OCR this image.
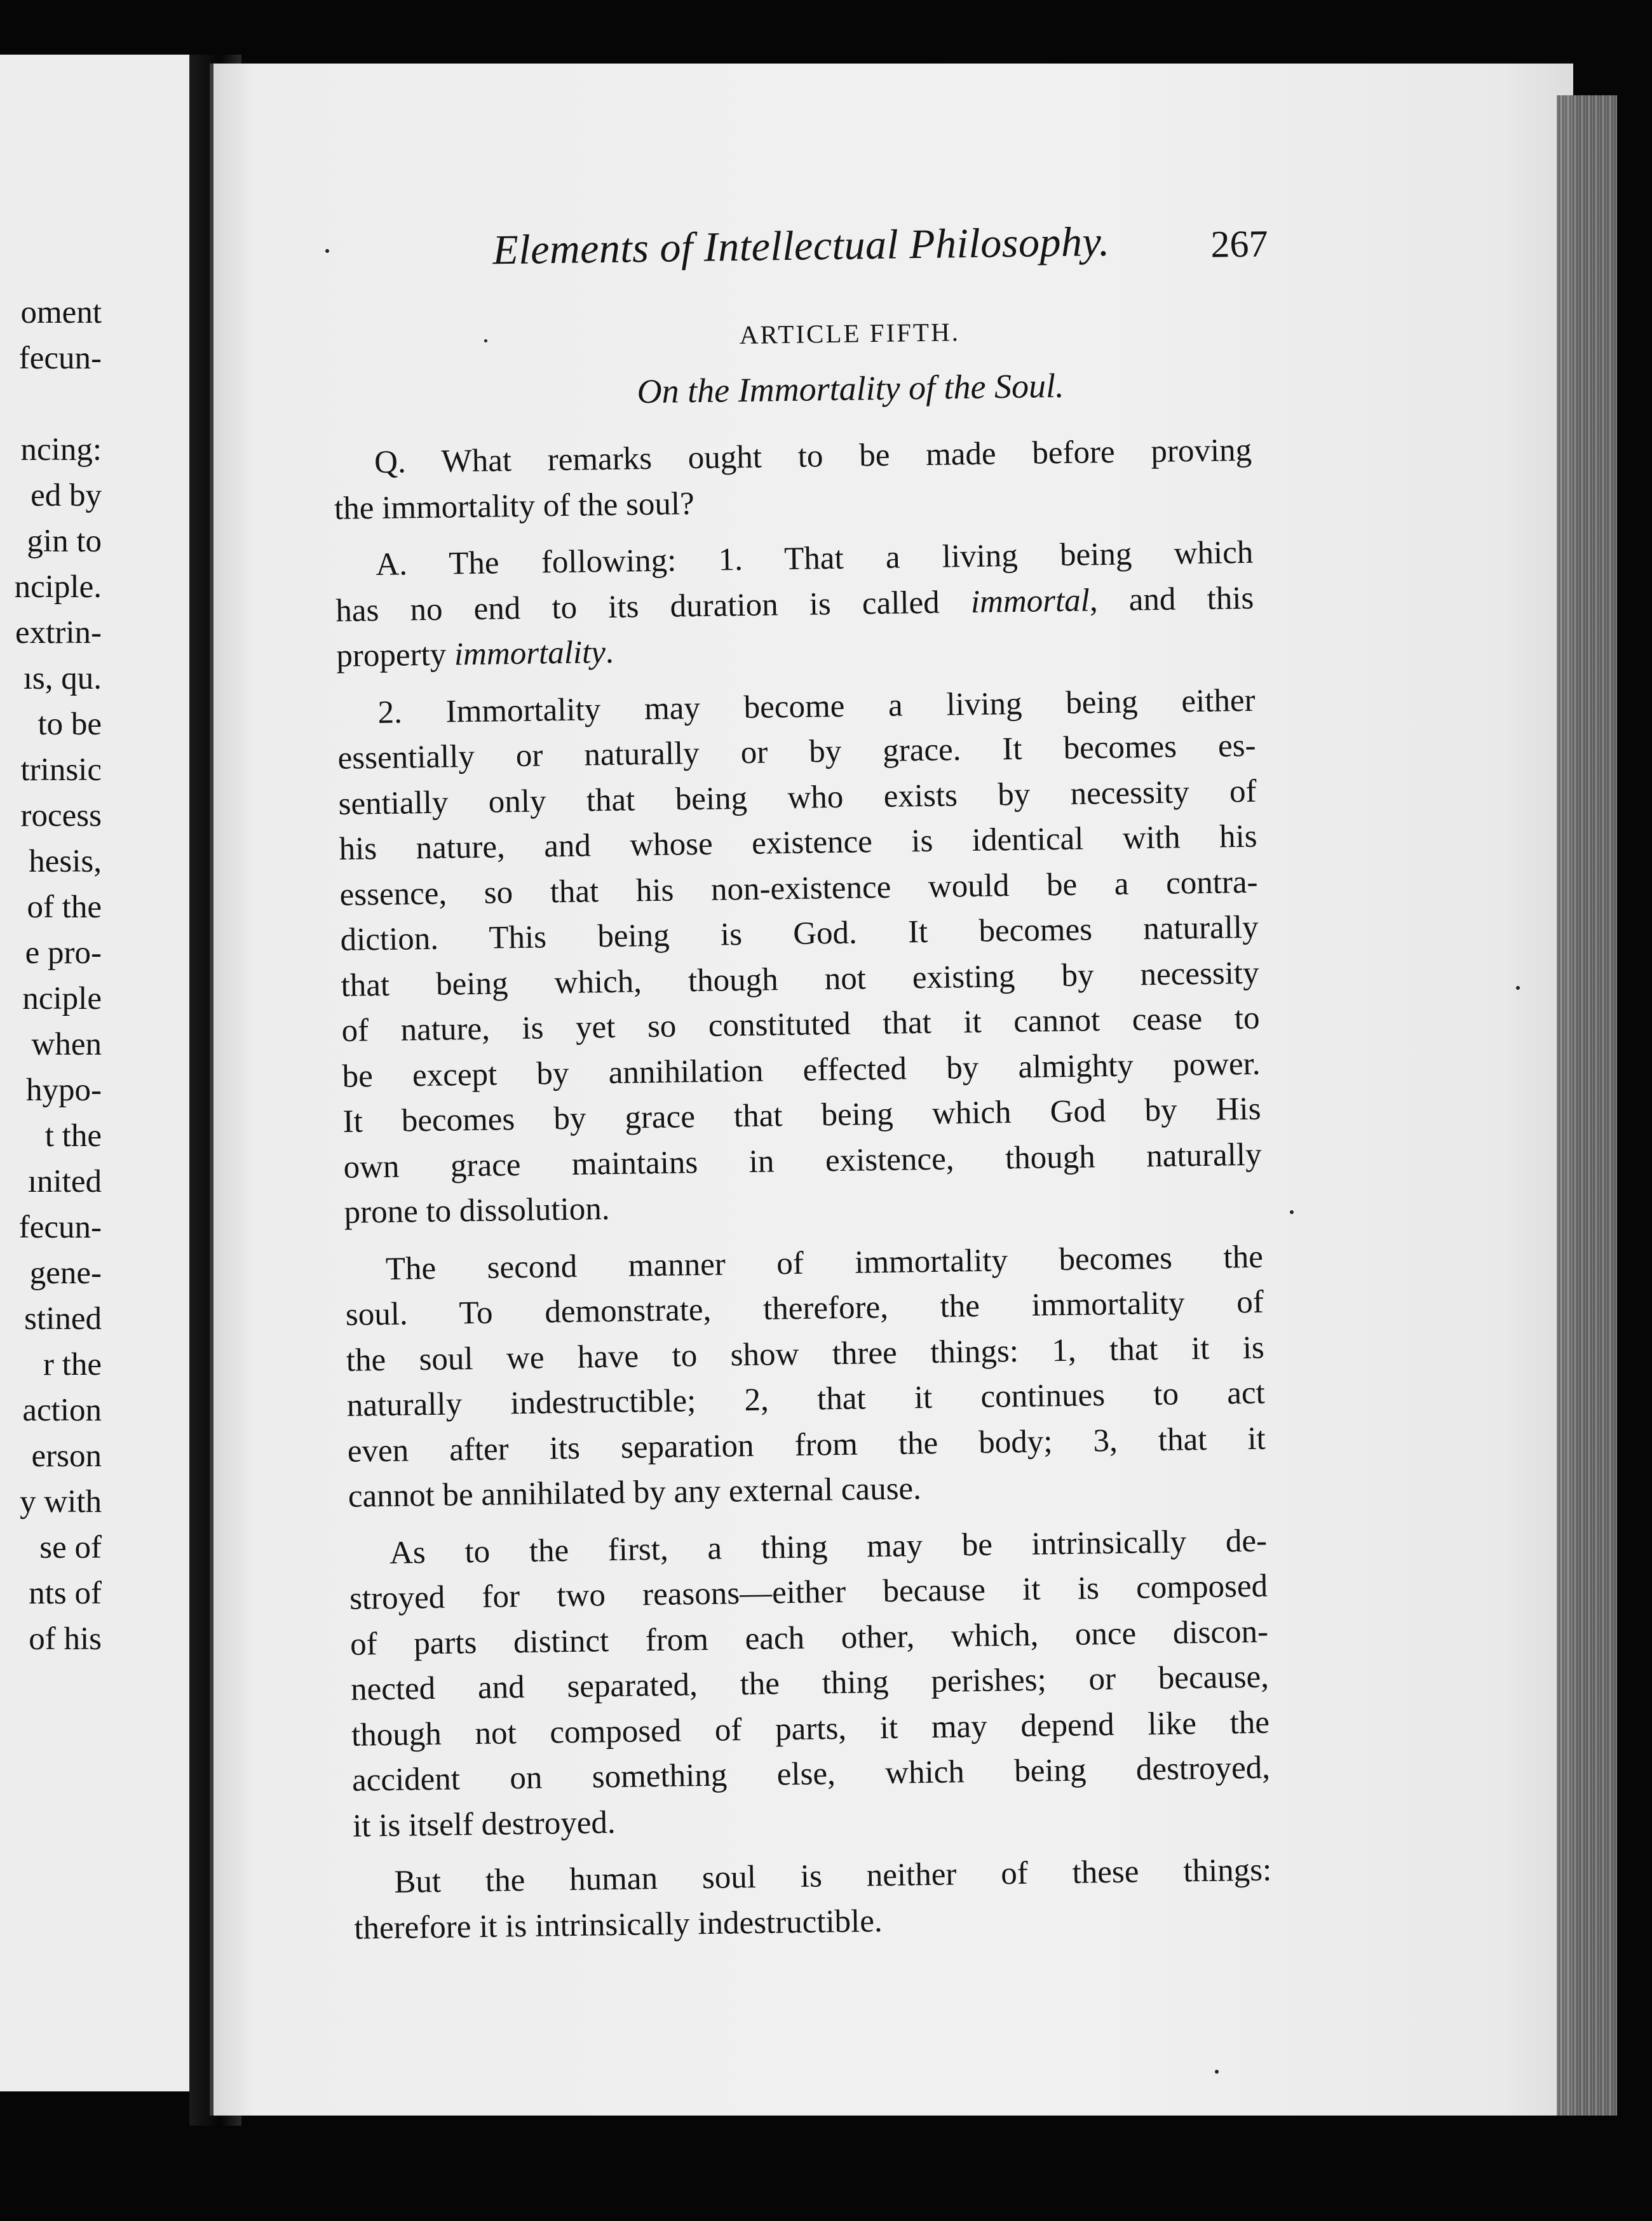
oment
fecun-
ncing:
ed by
gin to
nciple.
extrin-
ıs, qu.
to be
trinsic
rocess
hesis,
of the
e pro-
nciple
when
hypo-
t the
ınited
fecun-
gene-
stined
r the
action
erson
y with
se of
nts of
of his
Elements of Intellectual Philosophy.	267
ARTICLE FIFTH.
On the Immortality of the Soul.
Q. What remarks ought to be made before proving
the immortality of the soul?
A. The following: 1. That a living being which
has no end to its duration is called immortal, and this
property immortality.
2. Immortality may become a living being either
essentially or naturally or by grace. It becomes es-
sentially only that being who exists by necessity of
his nature, and whose existence is identical with his
essence, so that his non-existence would be a contra-
diction. This being is God. It becomes naturally
that being which, though not existing by necessity
of nature, is yet so constituted that it cannot cease to
be except by annihilation effected by almighty power.
It becomes by grace that being which God by His
own grace maintains in existence, though naturally
prone to dissolution.
The second manner of immortality becomes the
soul. To demonstrate, therefore, the immortality of
the soul we have to show three things: 1, that it is
naturally indestructible; 2, that it continues to act
even after its separation from the body; 3, that it
cannot be annihilated by any external cause.
As to the first, a thing may be intrinsically de-
stroyed for two reasons—either because it is composed
of parts distinct from each other, which, once discon-
nected and separated, the thing perishes; or because,
though not composed of parts, it may depend like the
accident on something else, which being destroyed,
it is itself destroyed.
But the human soul is neither of these things:
therefore it is intrinsically indestructible.
